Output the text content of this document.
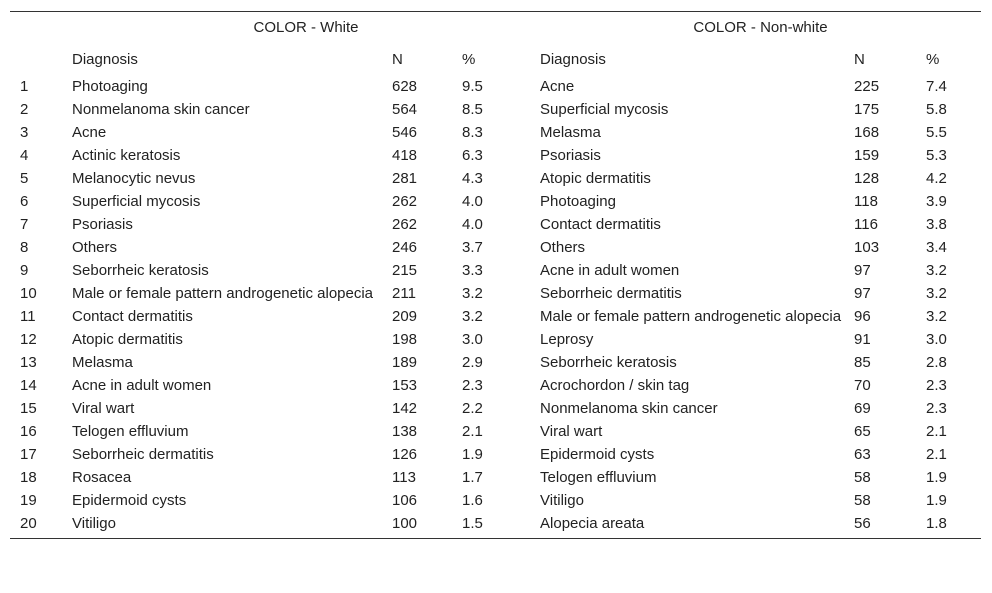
	COLOR - White			COLOR - Non-white		
	Diagnosis	N	%	Diagnosis	N	%
1	Photoaging	628	9.5	Acne	225	7.4
2	Nonmelanoma skin cancer	564	8.5	Superficial mycosis	175	5.8
3	Acne	546	8.3	Melasma	168	5.5
4	Actinic keratosis	418	6.3	Psoriasis	159	5.3
5	Melanocytic nevus	281	4.3	Atopic dermatitis	128	4.2
6	Superficial mycosis	262	4.0	Photoaging	118	3.9
7	Psoriasis	262	4.0	Contact dermatitis	116	3.8
8	Others	246	3.7	Others	103	3.4
9	Seborrheic keratosis	215	3.3	Acne in adult women	97	3.2
10	Male or female pattern androgenetic alopecia	211	3.2	Seborrheic dermatitis	97	3.2
11	Contact dermatitis	209	3.2	Male or female pattern androgenetic alopecia	96	3.2
12	Atopic dermatitis	198	3.0	Leprosy	91	3.0
13	Melasma	189	2.9	Seborrheic keratosis	85	2.8
14	Acne in adult women	153	2.3	Acrochordon / skin tag	70	2.3
15	Viral wart	142	2.2	Nonmelanoma skin cancer	69	2.3
16	Telogen effluvium	138	2.1	Viral wart	65	2.1
17	Seborrheic dermatitis	126	1.9	Epidermoid cysts	63	2.1
18	Rosacea	113	1.7	Telogen effluvium	58	1.9
19	Epidermoid cysts	106	1.6	Vitiligo	58	1.9
20	Vitiligo	100	1.5	Alopecia areata	56	1.8
